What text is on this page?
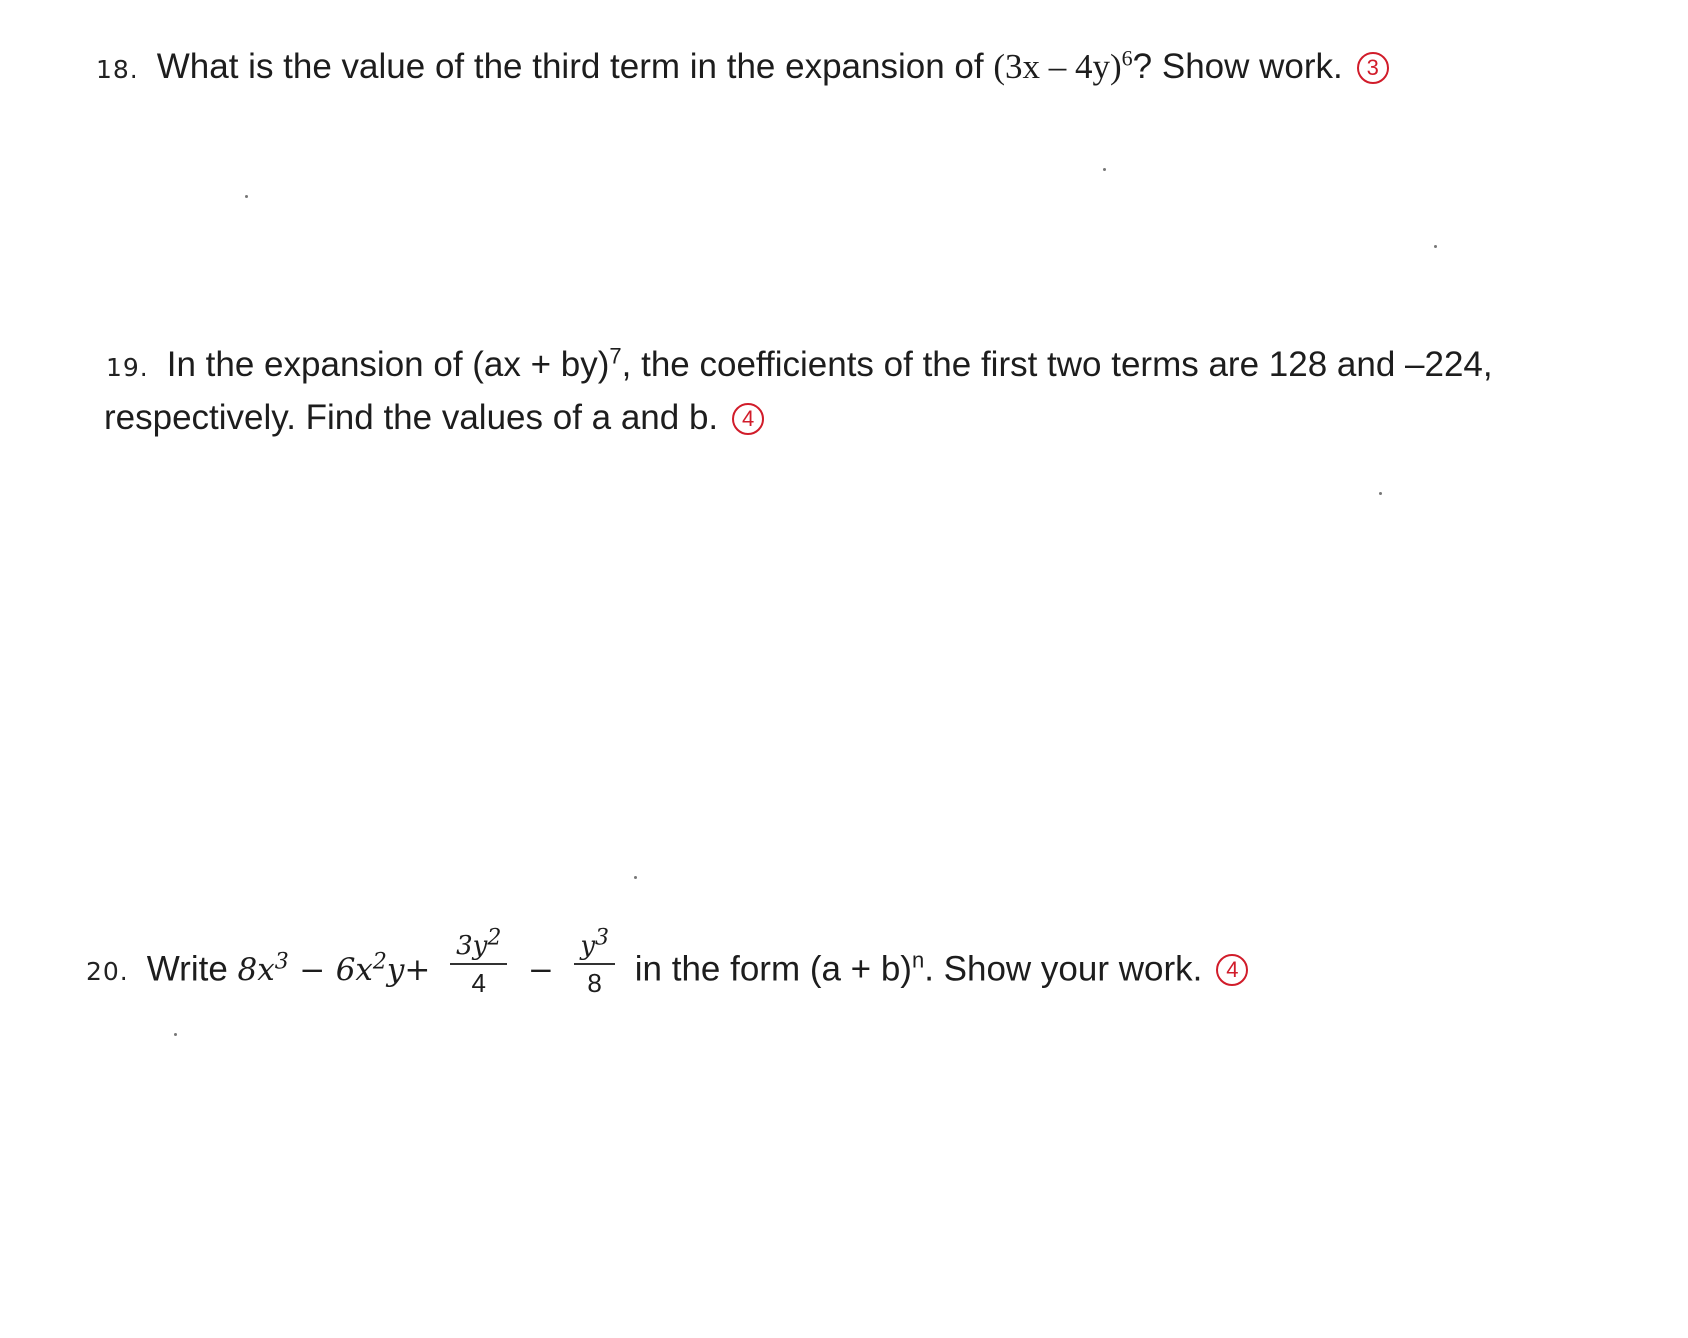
18. What is the value of the third term in the expansion of (3x – 4y)$^6$? Show work. 3
19. In the expansion of (ax + by)$^7$, the coefficients of the first two terms are 128 and –224,
respectively. Find the values of a and b. 4
20. Write $8x^3 - 6x^2y+ \frac{3y^2}{4} - \frac{y^3}{8}$ in the form $(a + b)^n$. Show your work. 4
